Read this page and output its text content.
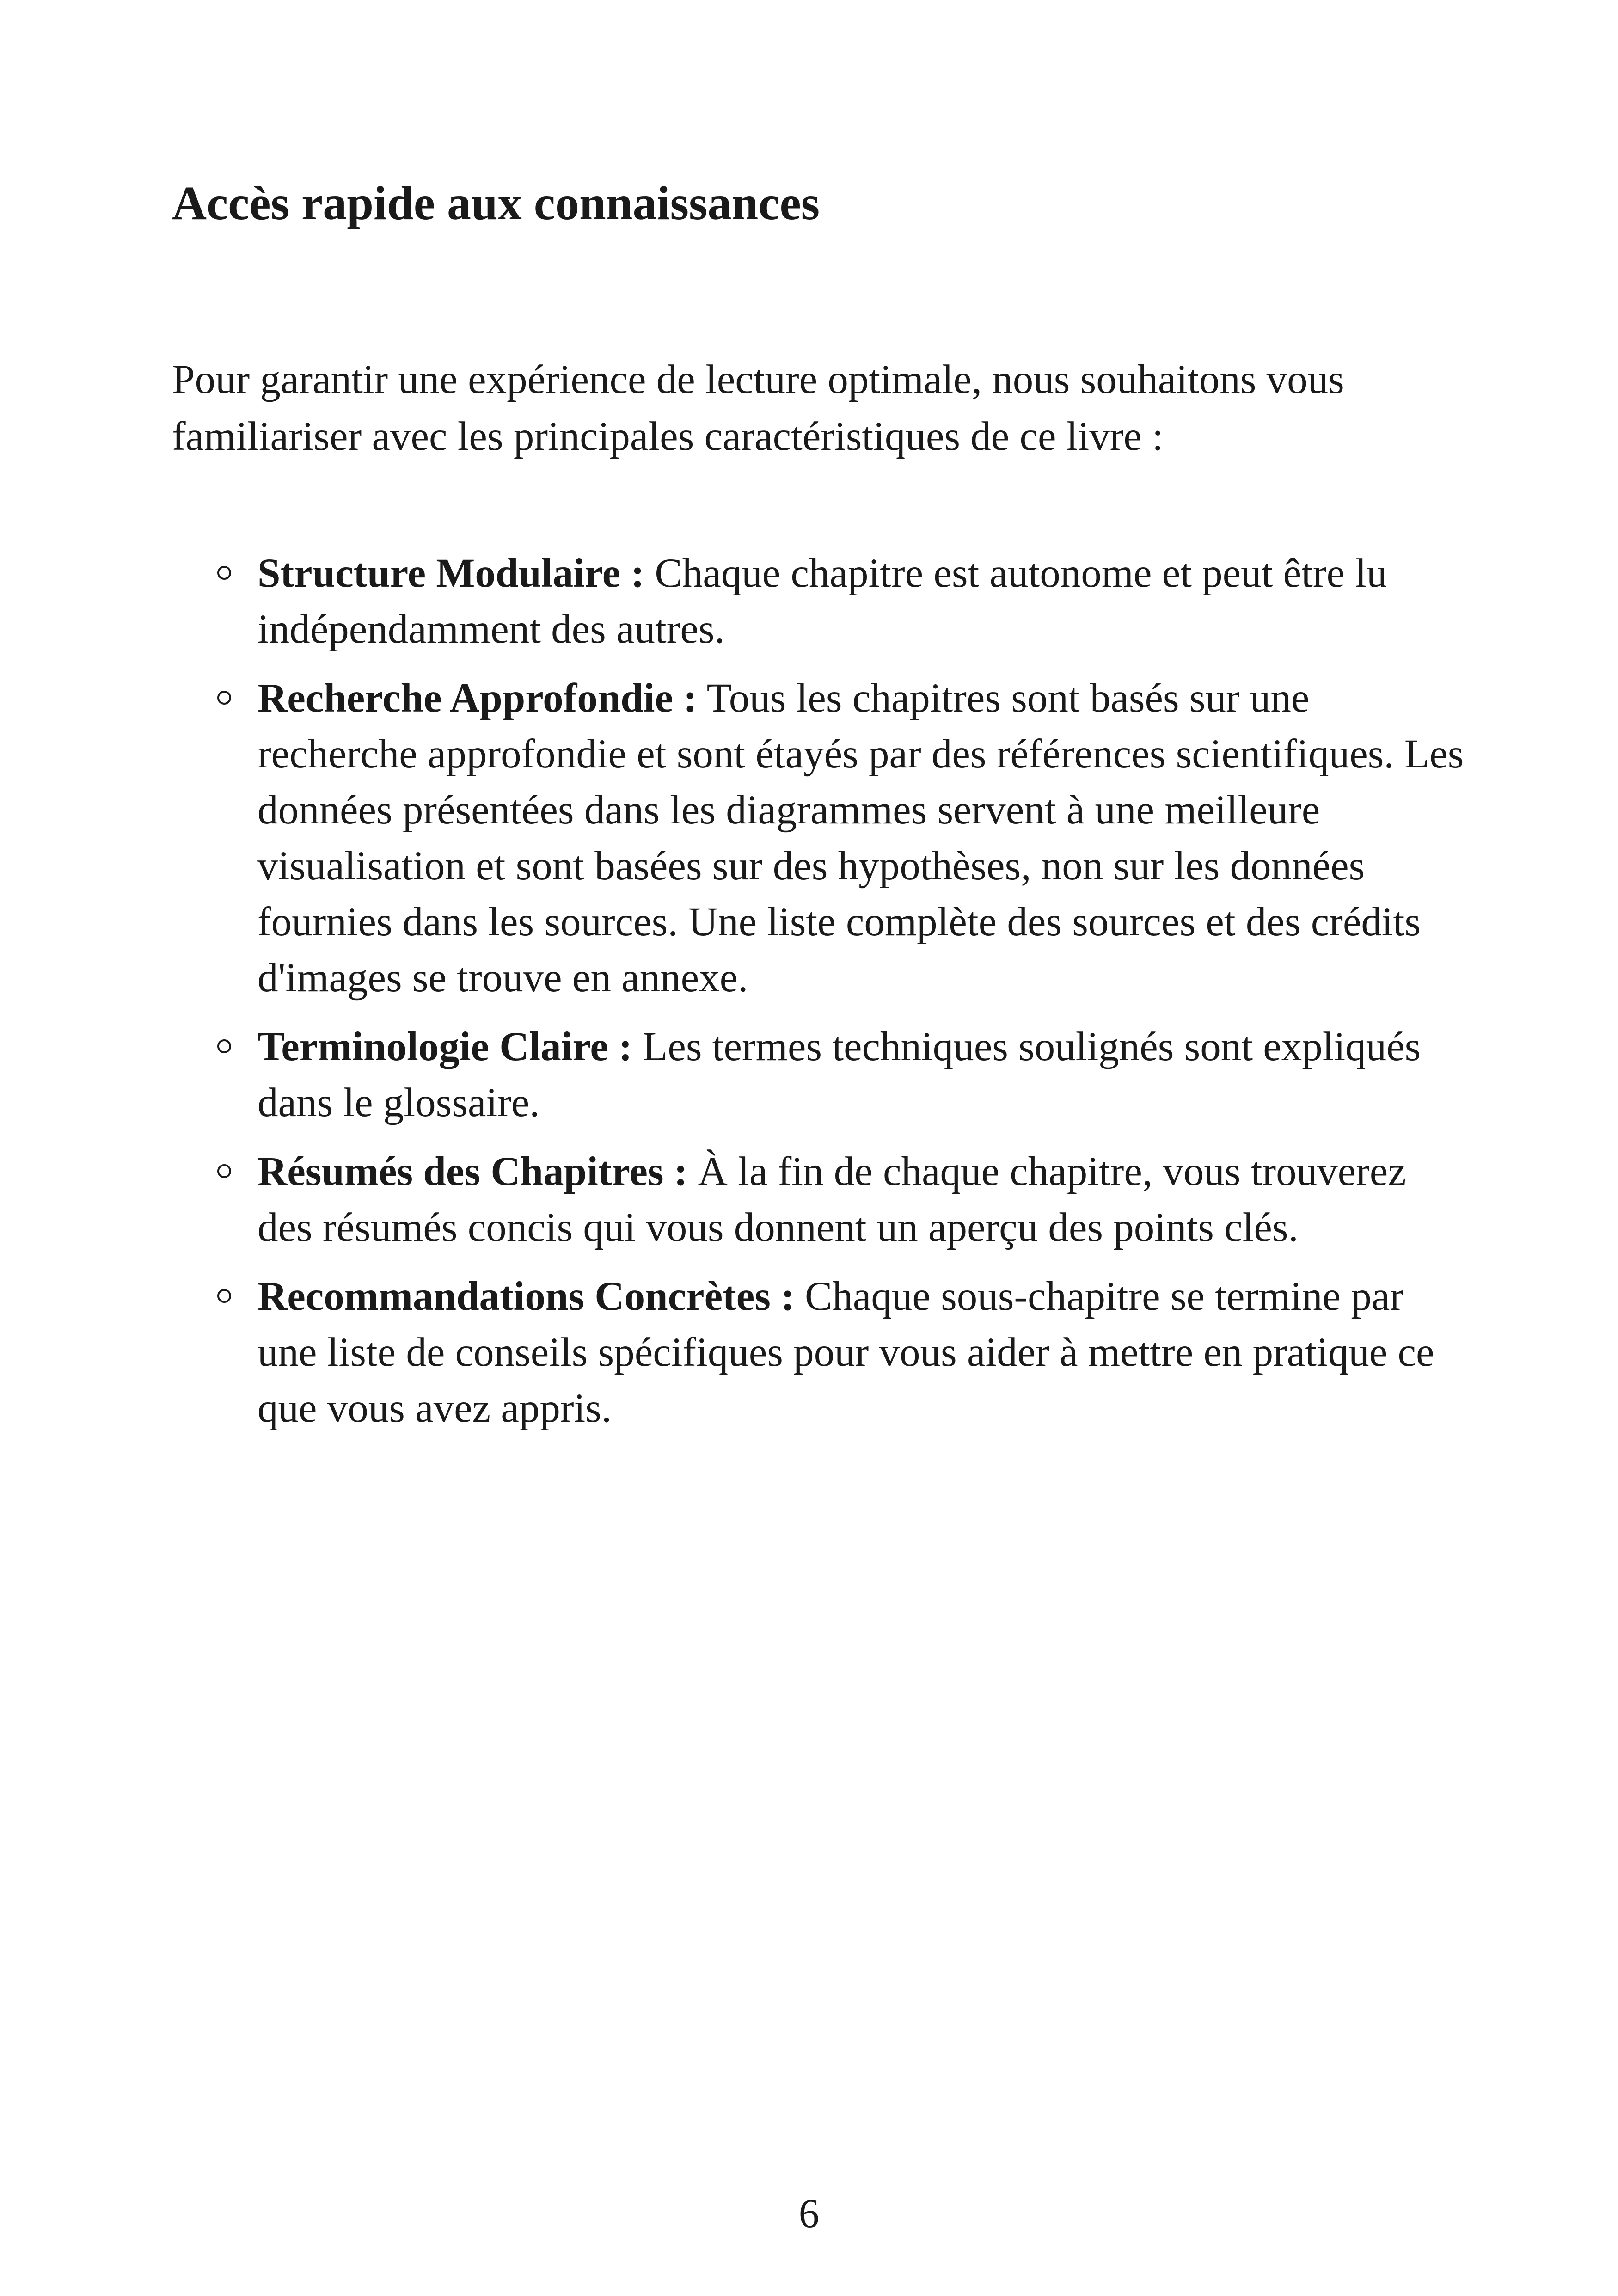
Accès rapide aux connaissances

Pour garantir une expérience de lecture optimale, nous souhaitons vous familiariser avec les principales caractéristiques de ce livre :

Structure Modulaire : Chaque chapitre est autonome et peut être lu indépendamment des autres.
Recherche Approfondie : Tous les chapitres sont basés sur une recherche approfondie et sont étayés par des références scientifiques. Les données présentées dans les diagrammes servent à une meilleure visualisation et sont basées sur des hypothèses, non sur les données fournies dans les sources. Une liste complète des sources et des crédits d'images se trouve en annexe.
Terminologie Claire : Les termes techniques soulignés sont expliqués dans le glossaire.
Résumés des Chapitres : À la fin de chaque chapitre, vous trouverez des résumés concis qui vous donnent un aperçu des points clés.
Recommandations Concrètes : Chaque sous-chapitre se termine par une liste de conseils spécifiques pour vous aider à mettre en pratique ce que vous avez appris.
6
